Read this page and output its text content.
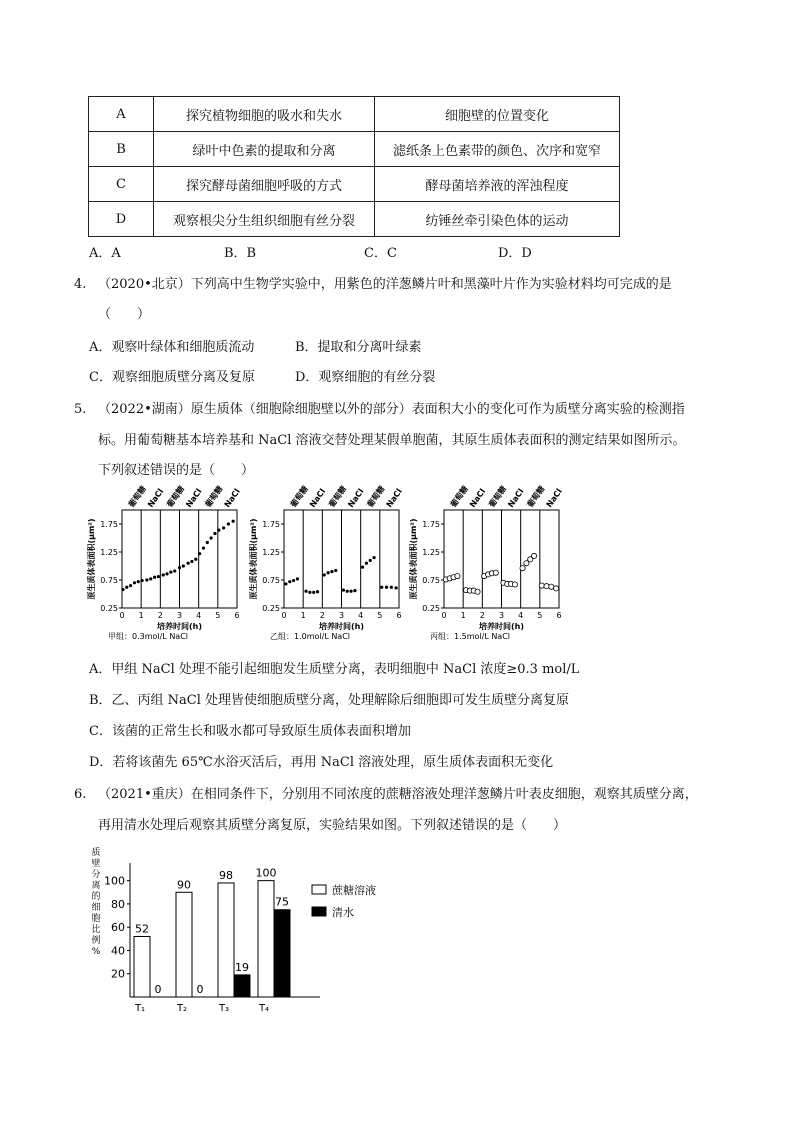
A	探究植物细胞的吸水和失水	细胞壁的位置变化
B	绿叶中色素的提取和分离	滤纸条上色素带的颜色、次序和宽窄
C	探究酵母菌细胞呼吸的方式	酵母菌培养液的浑浊程度
D	观察根尖分生组织细胞有丝分裂	纺锤丝牵引染色体的运动
A．A	B．B	C．C	D．D
4. （2020•北京）下列高中生物学实验中，用紫色的洋葱鳞片叶和黑藻叶片作为实验材料均可完成的是
（　　）
A．观察叶绿体和细胞质流动	B．提取和分离叶绿素
C．观察细胞质壁分离及复原	D．观察细胞的有丝分裂
5. （2022•湖南）原生质体（细胞除细胞壁以外的部分）表面积大小的变化可作为质壁分离实验的检测指
标。用葡萄糖基本培养基和 NaCl 溶液交替处理某假单胞菌，其原生质体表面积的测定结果如图所示。
下列叙述错误的是（　　）
葡萄糖
NaCl 葡萄糖
NaCl 葡萄糖
NaCl
0.25
0.75
1.25
1.75
0 1 2 3 4 5 6
原生质体表面积(μm²)
培养时间(h)
甲组：0.3mol/L NaCl
葡萄糖
NaCl 葡萄糖
NaCl 葡萄糖
NaCl
0.25
0.75
1.25
1.75
0 1 2 3 4 5 6
原生质体表面积(μm²)
培养时间(h)
乙组：1.0mol/L NaCl
葡萄糖
NaCl 葡萄糖
NaCl 葡萄糖
NaCl
0.25
0.75
1.25
1.75
0 1 2 3 4 5 6
原生质体表面积(μm²)
培养时间(h)
丙组：1.5mol/L NaCl
A．甲组 NaCl 处理不能引起细胞发生质壁分离，表明细胞中 NaCl 浓度≥0.3 mol/L
B．乙、丙组 NaCl 处理皆使细胞质壁分离，处理解除后细胞即可发生质壁分离复原
C．该菌的正常生长和吸水都可导致原生质体表面积增加
D．若将该菌先 65℃水浴灭活后，再用 NaCl 溶液处理，原生质体表面积无变化
6. （2021•重庆）在相同条件下，分别用不同浓度的蔗糖溶液处理洋葱鳞片叶表皮细胞，观察其质壁分离，
再用清水处理后观察其质壁分离复原，实验结果如图。下列叙述错误的是（　　）
20
40
60
80
100
质
壁
分
离
的
细
胞
比
例
%
52
0
T₁
90
0
T₂
98
19
T₃
100
75
T₄
蔗糖溶液
清水
